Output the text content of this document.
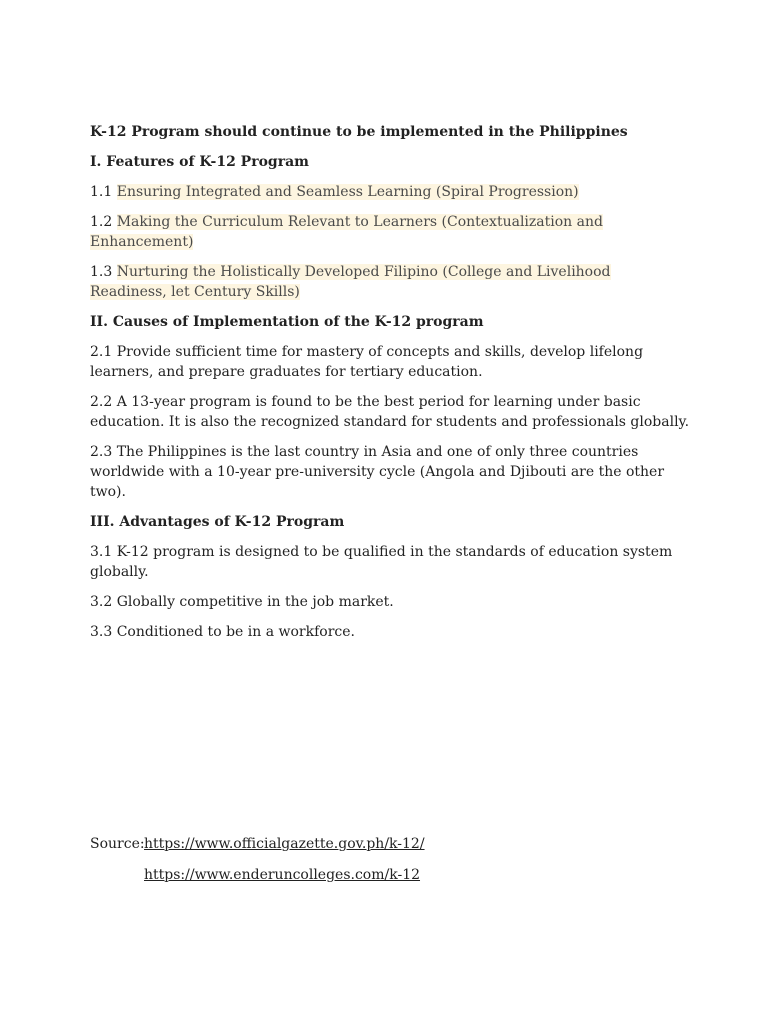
K-12 Program should continue to be implemented in the Philippines

I. Features of K-12 Program

1.1 Ensuring Integrated and Seamless Learning (Spiral Progression)

1.2 Making the Curriculum Relevant to Learners (Contextualization and Enhancement)

1.3 Nurturing the Holistically Developed Filipino (College and Livelihood Readiness, let Century Skills)

II. Causes of Implementation of the K-12 program

2.1 Provide sufficient time for mastery of concepts and skills, develop lifelong learners, and prepare graduates for tertiary education.

2.2 A 13-year program is found to be the best period for learning under basic education. It is also the recognized standard for students and professionals globally.

2.3 The Philippines is the last country in Asia and one of only three countries worldwide with a 10-year pre-university cycle (Angola and Djibouti are the other two).

III. Advantages of K-12 Program

3.1 K-12 program is designed to be qualified in the standards of education system globally.

3.2 Globally competitive in the job market.

3.3 Conditioned to be in a workforce.

Source:https://www.officialgazette.gov.ph/k-12/
https://www.enderuncolleges.com/k-12
